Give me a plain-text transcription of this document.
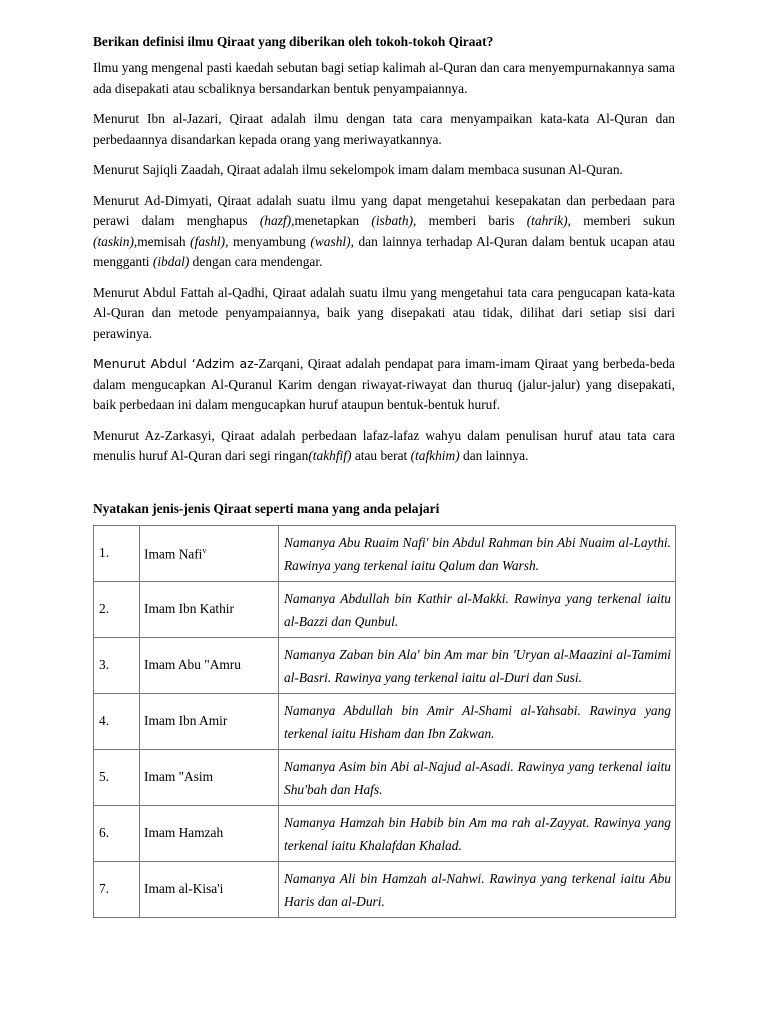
Berikan definisi ilmu Qiraat yang diberikan oleh tokoh-tokoh Qiraat?

Ilmu yang mengenal pasti kaedah sebutan bagi setiap kalimah al-Quran dan cara menyempurnakannya sama ada disepakati atau scbaliknya bersandarkan bentuk penyampaiannya.

Menurut Ibn al-Jazari, Qiraat adalah ilmu dengan tata cara menyampaikan kata-kata Al-Quran dan perbedaannya disandarkan kepada orang yang meriwayatkannya.

Menurut Sajiqli Zaadah, Qiraat adalah ilmu sekelompok imam dalam membaca susunan Al-Quran.

Menurut Ad-Dimyati, Qiraat adalah suatu ilmu yang dapat mengetahui kesepakatan dan perbedaan para perawi dalam menghapus (hazf),menetapkan (isbath), memberi baris (tahrik), memberi sukun (taskin),memisah (fashl), menyambung (washl), dan lainnya terhadap Al-Quran dalam bentuk ucapan atau mengganti (ibdal) dengan cara mendengar.

Menurut Abdul Fattah al-Qadhi, Qiraat adalah suatu ilmu yang mengetahui tata cara pengucapan kata-kata Al-Quran dan metode penyampaiannya, baik yang disepakati atau tidak, dilihat dari setiap sisi dari perawinya.

Menurut Abdul ‘Adzim az-Zarqani, Qiraat adalah pendapat para imam-imam Qiraat yang berbeda-beda dalam mengucapkan Al-Quranul Karim dengan riwayat-riwayat dan thuruq (jalur-jalur) yang disepakati, baik perbedaan ini dalam mengucapkan huruf ataupun bentuk-bentuk huruf.

Menurut Az-Zarkasyi, Qiraat adalah perbedaan lafaz-lafaz wahyu dalam penulisan huruf atau tata cara menulis huruf Al-Quran dari segi ringan(takhfif) atau berat (tafkhim) dan lainnya.

Nyatakan jenis-jenis Qiraat seperti mana yang anda pelajari
1.	Imam Nafi$^v$	Namanya Abu Ruaim Nafi' bin Abdul Rahman bin Abi Nuaim al-Laythi. Rawinya yang terkenal iaitu Qalum dan Warsh.
2.	Imam Ibn Kathir	Namanya Abdullah bin Kathir al-Makki. Rawinya yang terkenal iaitu al-Bazzi dan Qunbul.
3.	Imam Abu "Amru	Namanya Zaban bin Ala' bin Am mar bin 'Uryan al-Maazini al-Tamimi al-Basri. Rawinya yang terkenal iaitu al-Duri dan Susi.
4.	Imam Ibn Amir	Namanya Abdullah bin Amir Al-Shami al-Yahsabi. Rawinya yang terkenal iaitu Hisham dan Ibn Zakwan.
5.	Imam "Asim	Namanya Asim bin Abi al-Najud al-Asadi. Rawinya yang terkenal iaitu Shu'bah dan Hafs.
6.	Imam Hamzah	Namanya Hamzah bin Habib bin Am ma rah al-Zayyat. Rawinya yang terkenal iaitu Khalafdan Khalad.
7.	Imam al-Kisa'i	Namanya Ali bin Hamzah al-Nahwi. Rawinya yang terkenal iaitu Abu Haris dan al-Duri.
